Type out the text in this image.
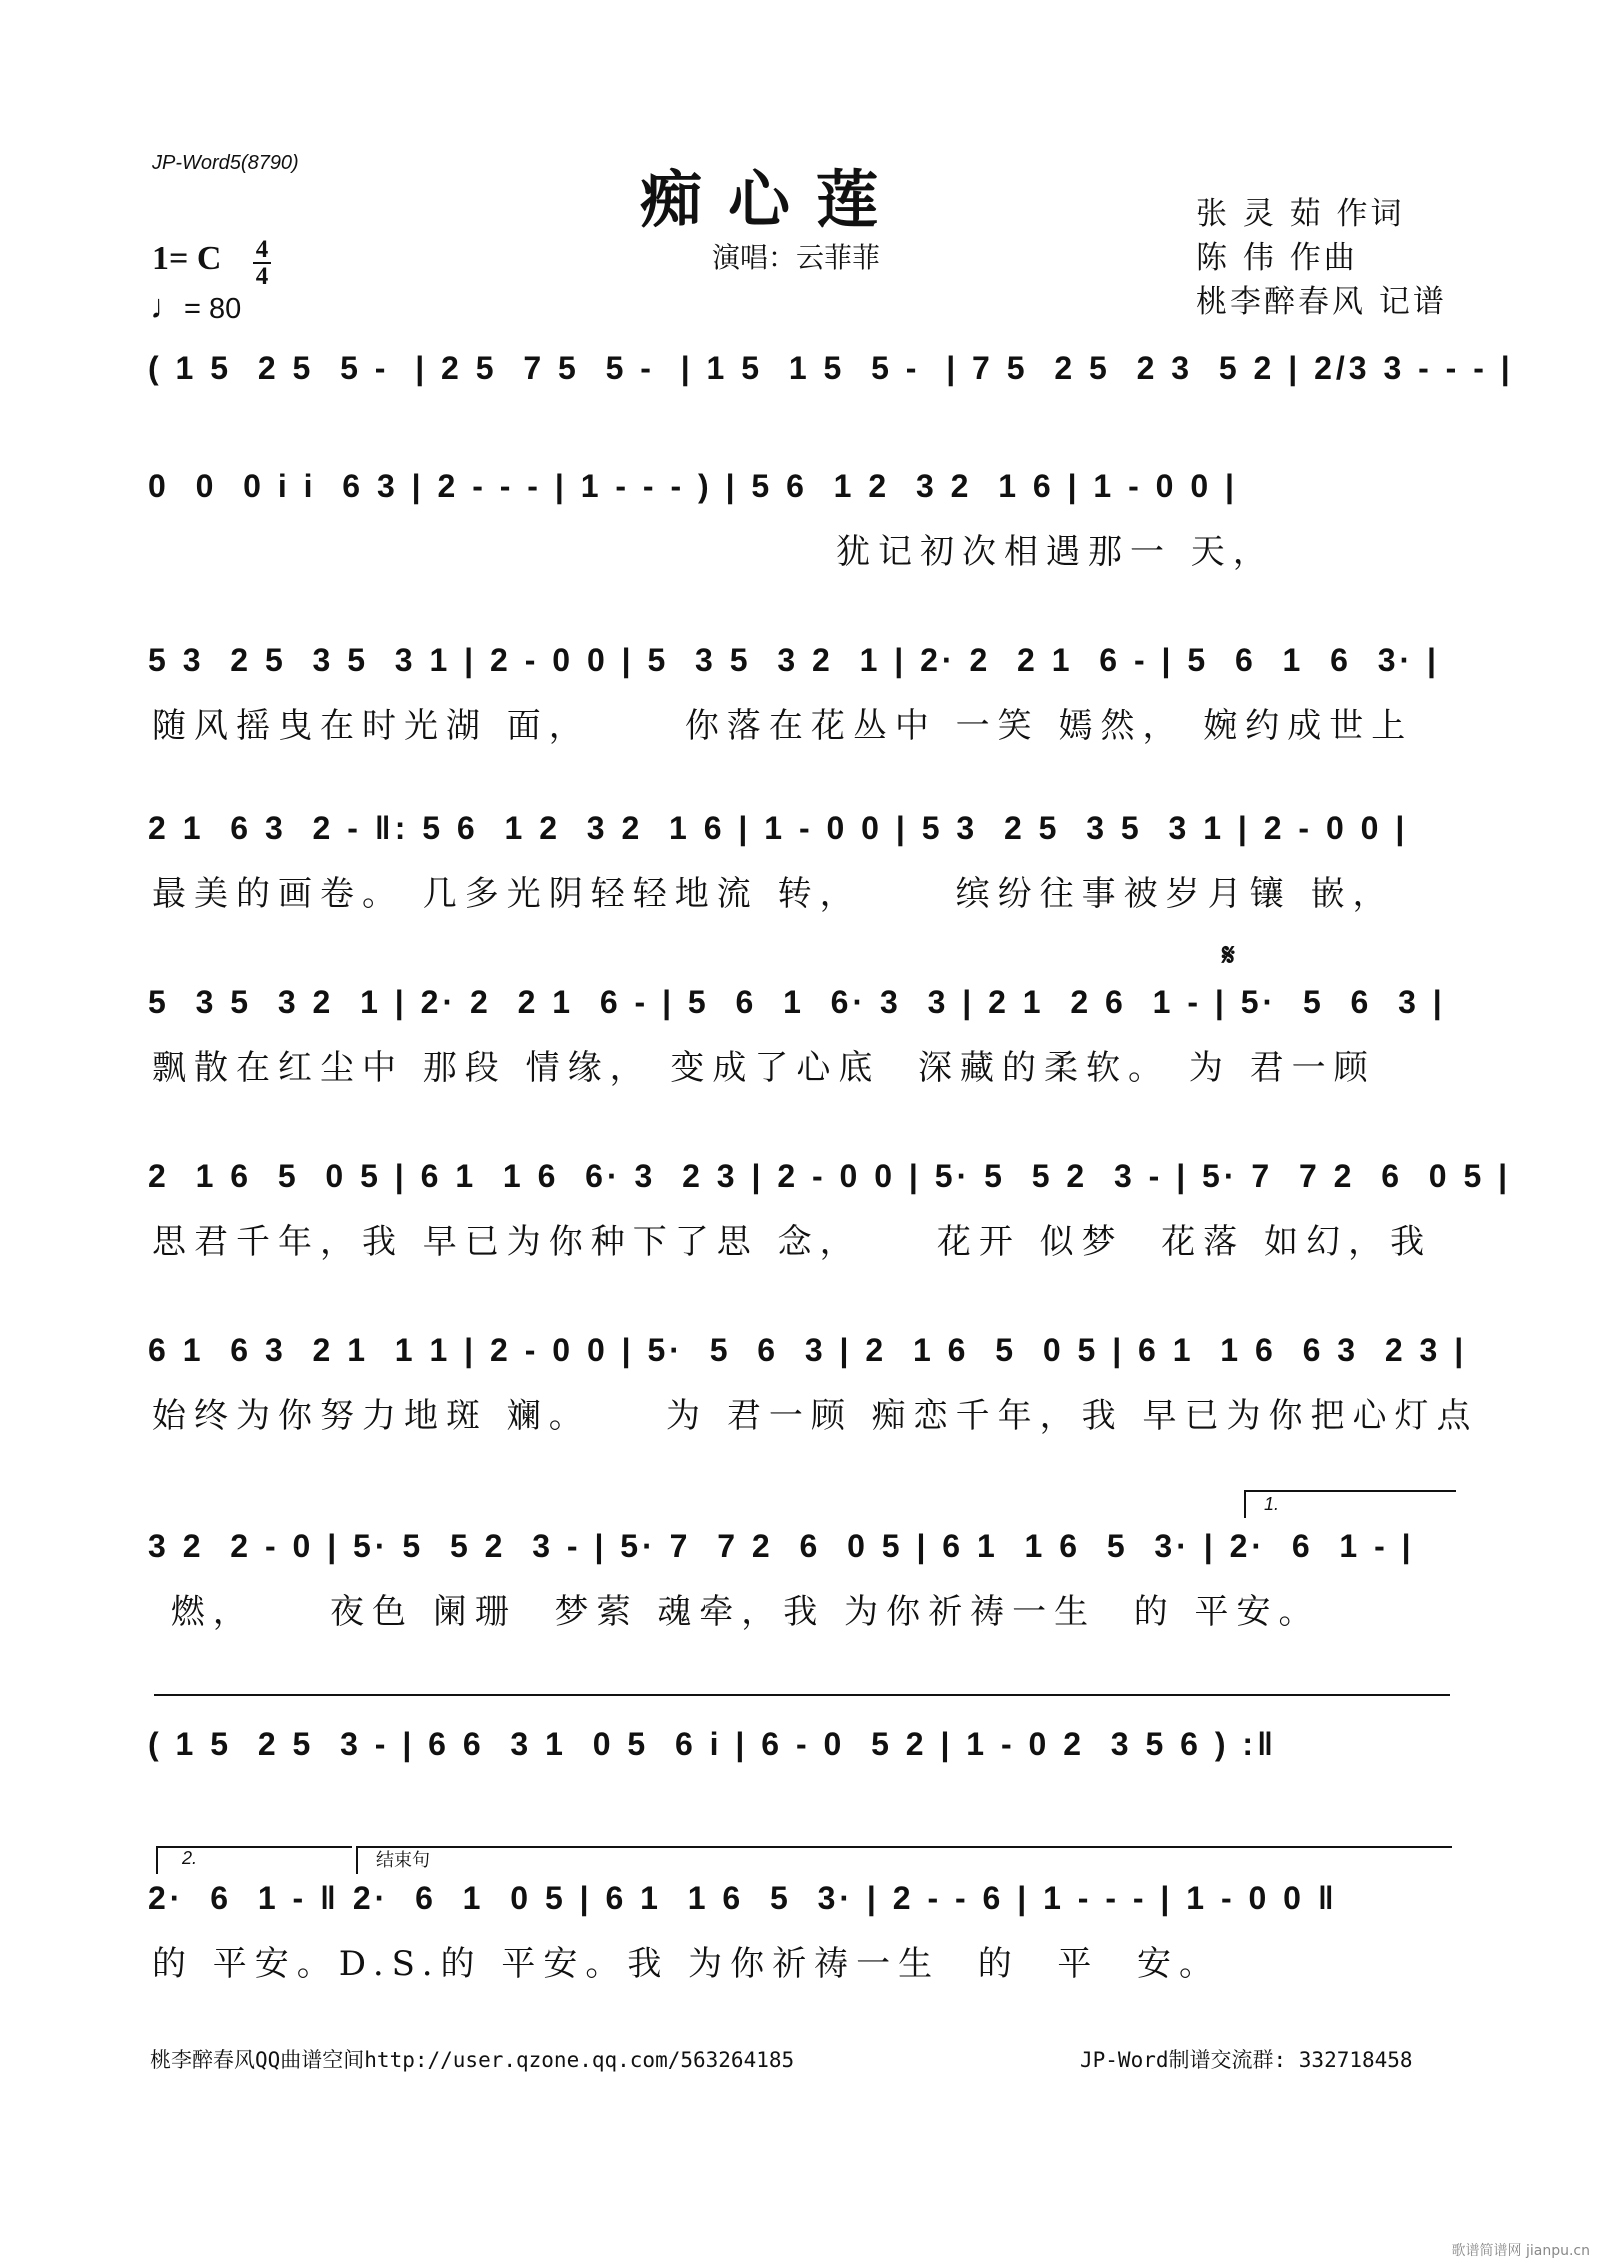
JP-Word5(8790)	痴心莲
演唱：云菲菲
张 灵 茹 作词
陈 伟 作曲
桃李醉春风 记谱
1= C 4
4
♩= 80
( 1 5  2 5  5 -  | 2 5  7 5  5 -  | 1 5  1 5  5 -  | 7 5  2 5  2 3  5 2 | 2/3 3 - - - |
0  0  0 i i  6 3 | 2 - - - | 1 - - - ) | 5 6  1 2  3 2  1 6 | 1 - 0 0 |
犹记初次相遇那一 天，
5 3  2 5  3 5  3 1 | 2 - 0 0 | 5  3 5  3 2  1 | 2· 2  2 1  6 - | 5  6  1  6  3· |
随风摇曳在时光湖 面，     你落在花丛中 一笑 嫣然， 婉约成世上
2 1  6 3  2 - ‖: 5 6  1 2  3 2  1 6 | 1 - 0 0 | 5 3  2 5  3 5  3 1 | 2 - 0 0 |
最美的画卷。 几多光阴轻轻地流 转，     缤纷往事被岁月镶 嵌，
𝄋
5  3 5  3 2  1 | 2· 2  2 1  6 - | 5  6  1  6· 3  3 | 2 1  2 6  1 - | 5·  5  6  3 |
飘散在红尘中 那段 情缘， 变成了心底  深藏的柔软。 为 君一顾
2  1 6  5  0 5 | 6 1  1 6  6· 3  2 3 | 2 - 0 0 | 5· 5  5 2  3 - | 5· 7  7 2  6  0 5 |
思君千年，我 早已为你种下了思 念，    花开 似梦  花落 如幻，我
6 1  6 3  2 1  1 1 | 2 - 0 0 | 5·  5  6  3 | 2  1 6  5  0 5 | 6 1  1 6  6 3  2 3 |
始终为你努力地斑 斓。    为 君一顾 痴恋千年，我 早已为你把心灯点
1.
3 2  2 - 0 | 5· 5  5 2  3 - | 5· 7  7 2  6  0 5 | 6 1  1 6  5  3· | 2·  6  1 - |
燃，    夜色 阑珊  梦萦 魂牵，我 为你祈祷一生  的 平安。
( 1 5  2 5  3 - | 6 6  3 1  0 5  6 i | 6 - 0  5 2 | 1 - 0 2  3 5 6 ) :‖
2.	结束句
2·  6  1 - ‖ 2·  6  1  0 5 | 6 1  1 6  5  3· | 2 - - 6 | 1 - - - | 1 - 0 0 ‖
的 平安。D.S.的 平安。我 为你祈祷一生  的  平  安。
桃李醉春风QQ曲谱空间http://user.qzone.qq.com/563264185	JP-Word制谱交流群: 332718458
歌谱简谱网 jianpu.cn
